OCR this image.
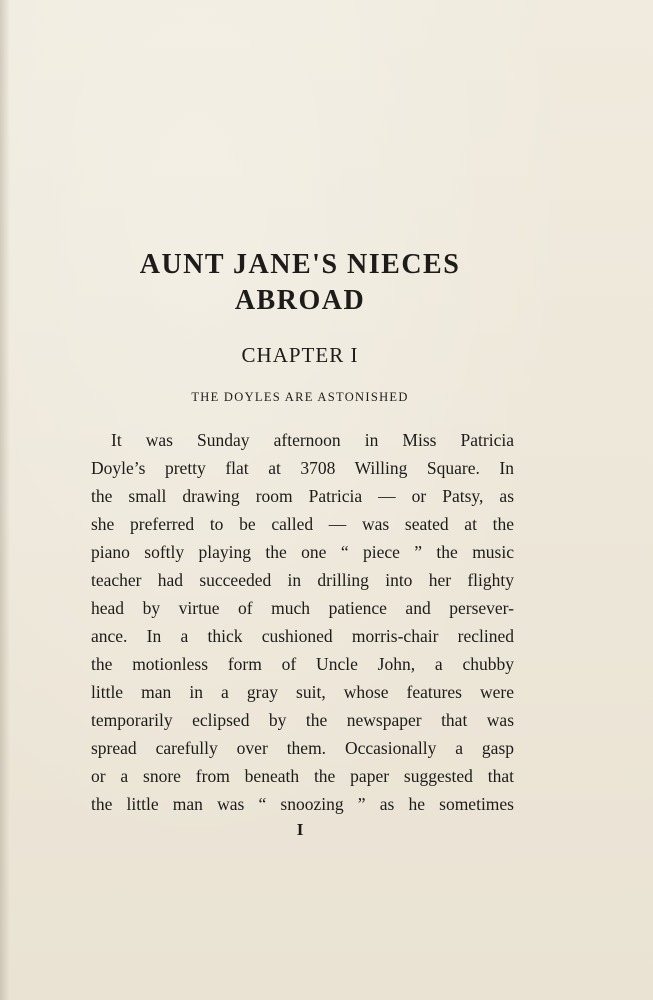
AUNT JANE'S NIECES
ABROAD
CHAPTER I
THE DOYLES ARE ASTONISHED
It was Sunday afternoon in Miss Patricia
Doyle’s pretty flat at 3708 Willing Square. In
the small drawing room Patricia — or Patsy, as
she preferred to be called — was seated at the
piano softly playing the one “ piece ” the music
teacher had succeeded in drilling into her flighty
head by virtue of much patience and persever-
ance. In a thick cushioned morris-chair reclined
the motionless form of Uncle John, a chubby
little man in a gray suit, whose features were
temporarily eclipsed by the newspaper that was
spread carefully over them. Occasionally a gasp
or a snore from beneath the paper suggested that
the little man was “ snoozing ” as he sometimes
I
